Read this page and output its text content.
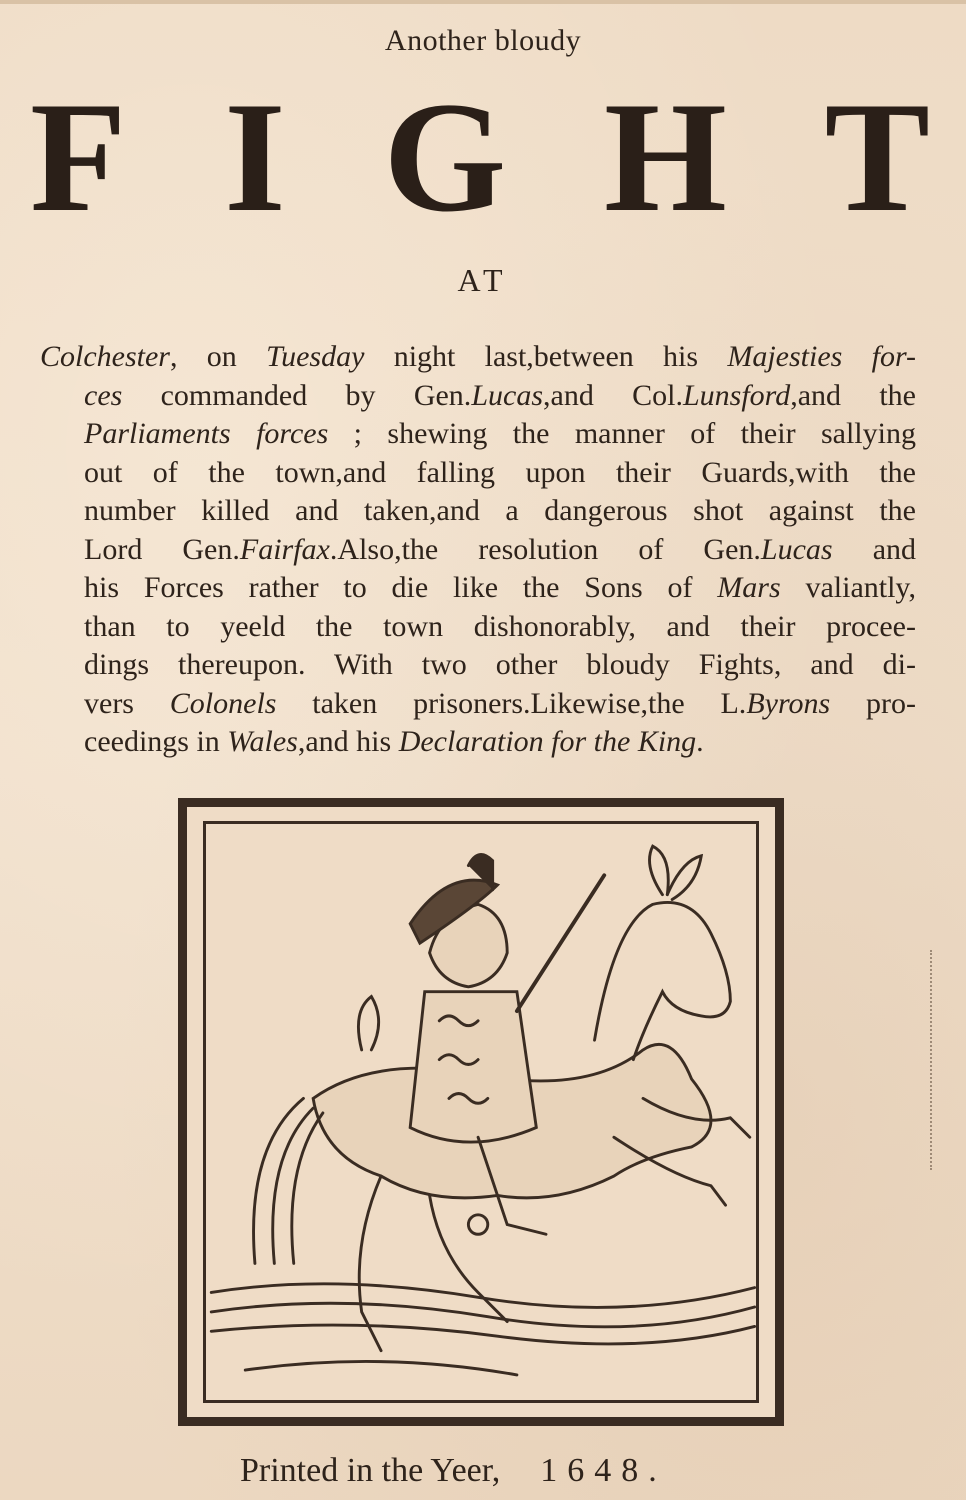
Another bloudy
F I G H T
AT
Colchester, on Tuesday night last,between his Majesties for-
ces commanded by Gen.Lucas,and Col.Lunsford,and the
Parliaments forces ; shewing the manner of their sallying
out of the town,and falling upon their Guards,with the
number killed and taken,and a dangerous shot against the
Lord Gen.Fairfax.Also,the resolution of Gen.Lucas and
his Forces rather to die like the Sons of Mars valiantly,
than to yeeld the town dishonorably, and their procee-
dings thereupon. With two other bloudy Fights, and di-
vers Colonels taken prisoners.Likewise,the L.Byrons pro-
ceedings in Wales,and his Declaration for the King.
Printed in the Yeer, 1648.
